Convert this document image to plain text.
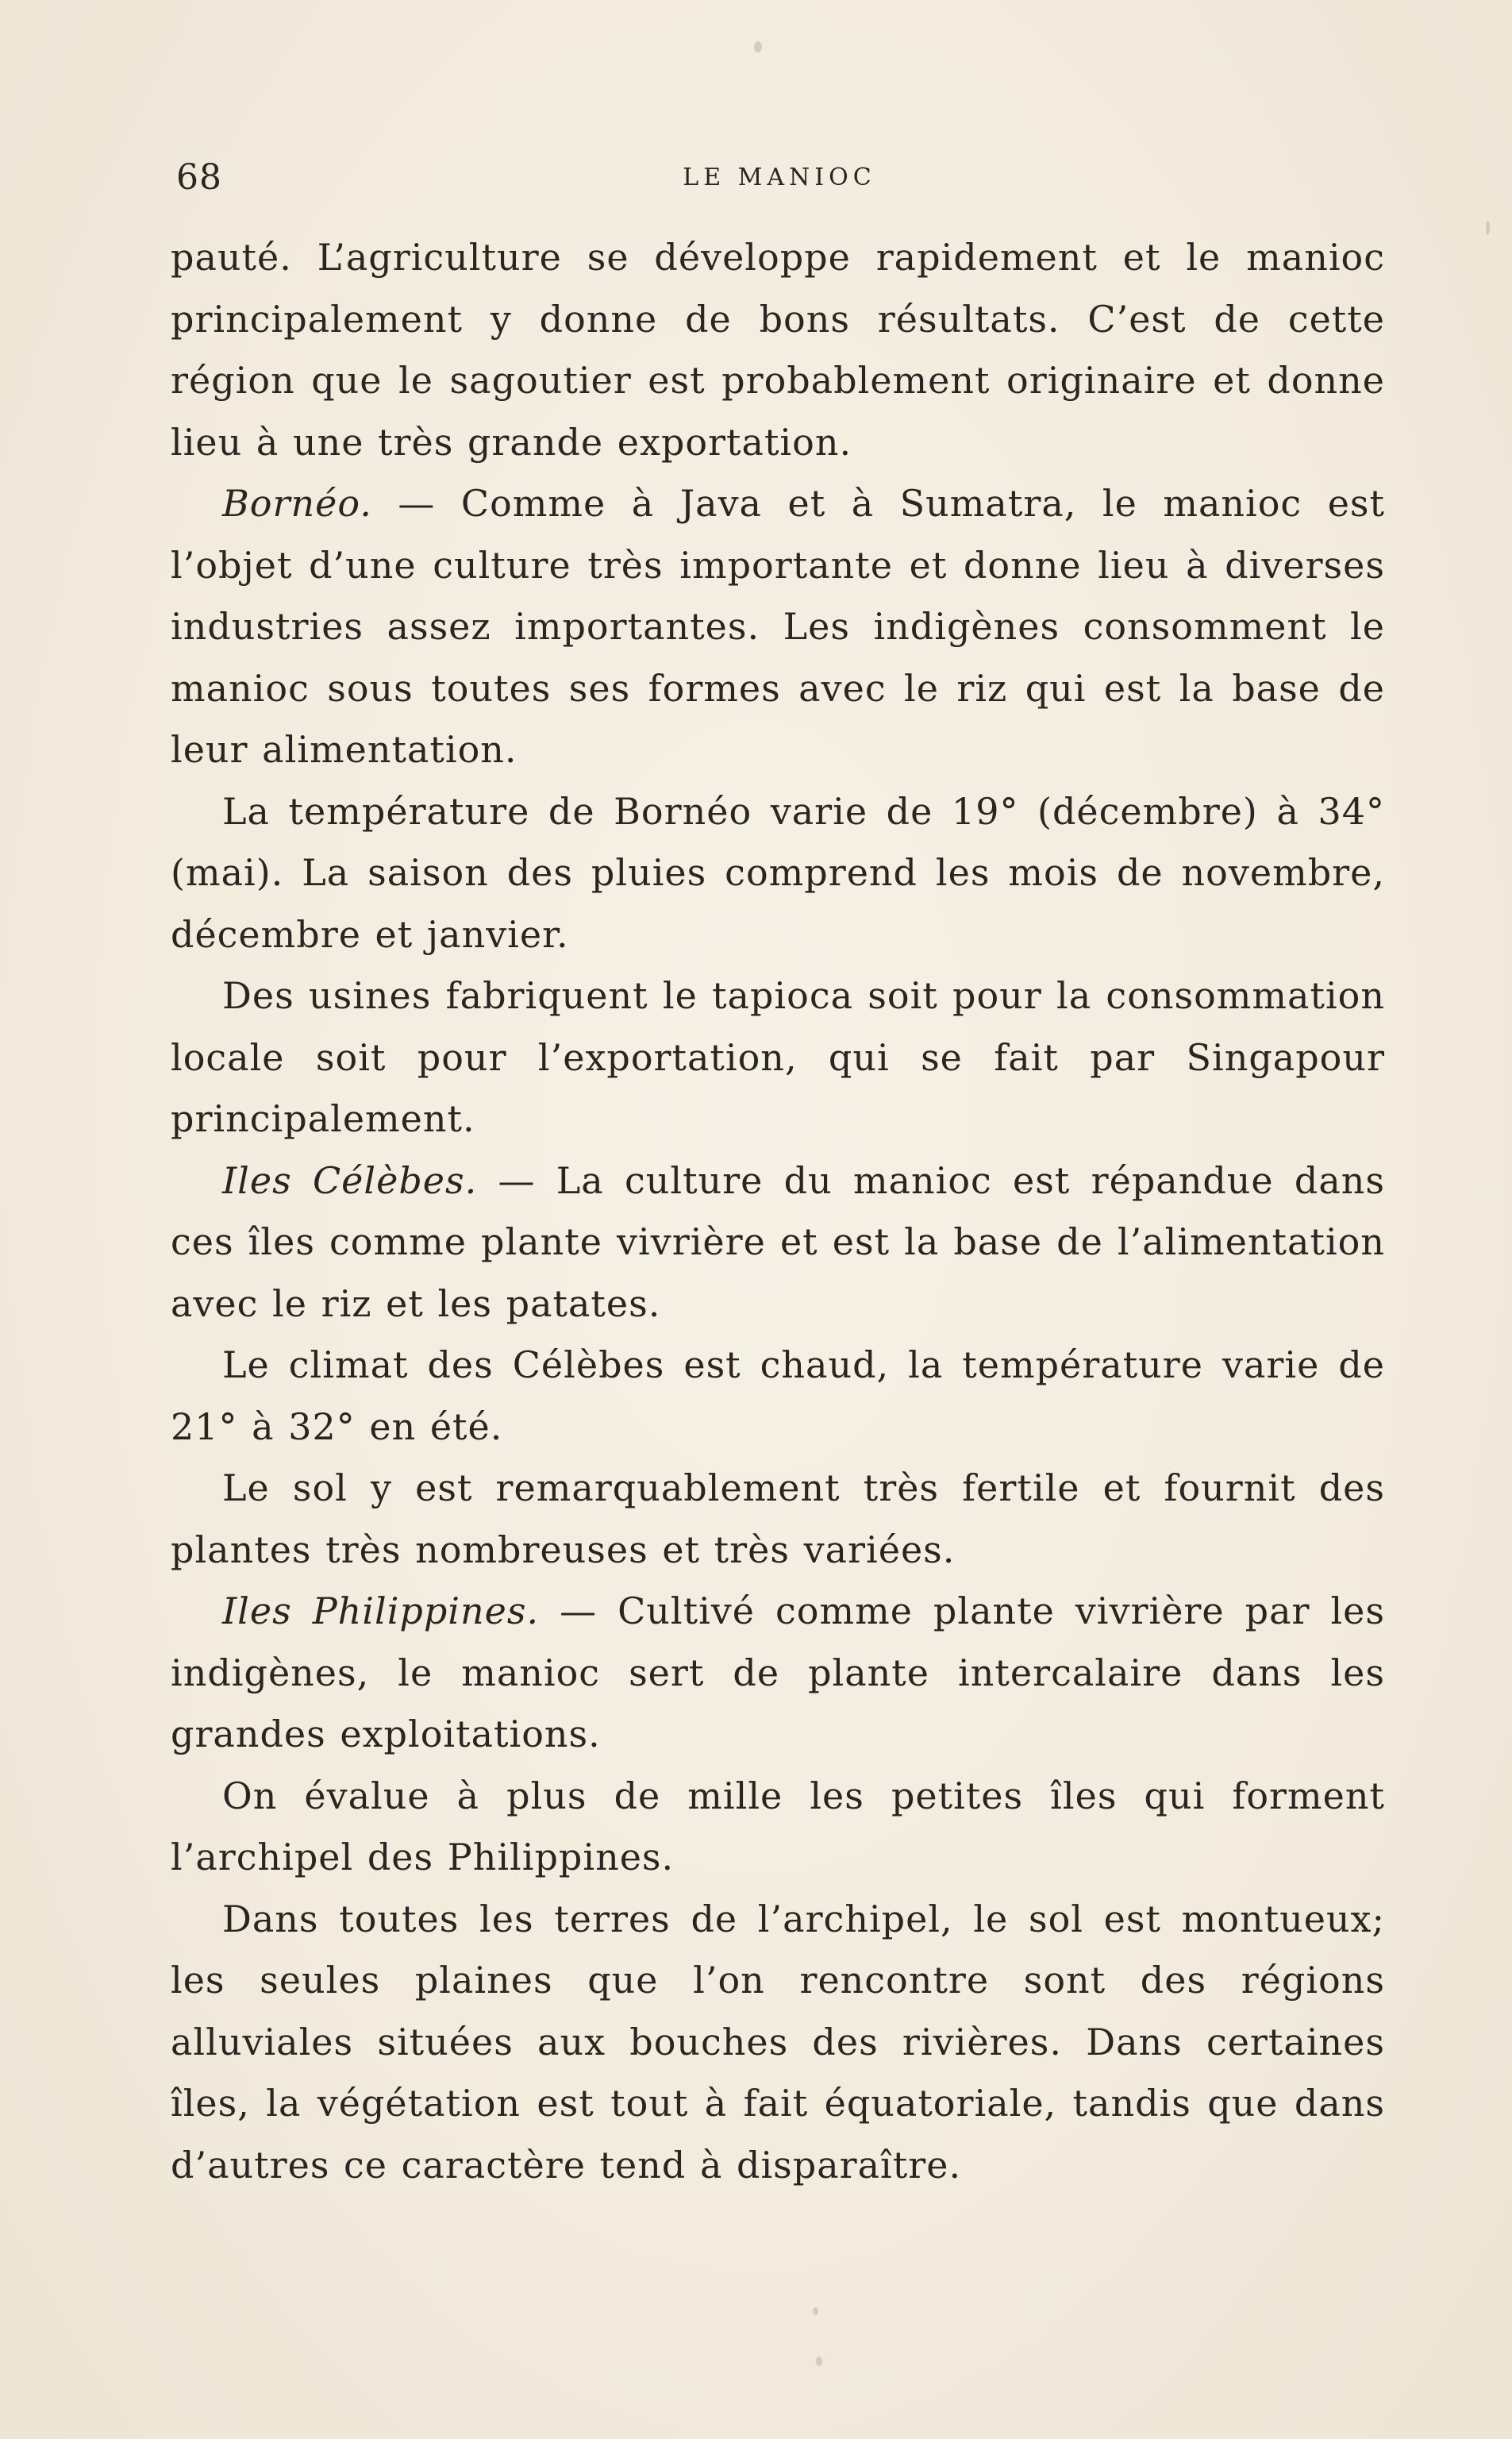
68	LE MANIOC

pauté. L’agriculture se développe rapidement et le manioc principalement y donne de bons résultats. C’est de cette région que le sagoutier est probablement originaire et donne lieu à une très grande exportation.

Bornéo. — Comme à Java et à Sumatra, le manioc est l’objet d’une culture très importante et donne lieu à diverses industries assez importantes. Les indigènes consomment le manioc sous toutes ses formes avec le riz qui est la base de leur alimentation.

La température de Bornéo varie de 19° (décembre) à 34° (mai). La saison des pluies comprend les mois de novembre, décembre et janvier.

Des usines fabriquent le tapioca soit pour la consommation locale soit pour l’exportation, qui se fait par Singapour principalement.

Iles Célèbes. — La culture du manioc est répandue dans ces îles comme plante vivrière et est la base de l’alimentation avec le riz et les patates.

Le climat des Célèbes est chaud, la température varie de 21° à 32° en été.

Le sol y est remarquablement très fertile et fournit des plantes très nombreuses et très variées.

Iles Philippines. — Cultivé comme plante vivrière par les indigènes, le manioc sert de plante intercalaire dans les grandes exploitations.

On évalue à plus de mille les petites îles qui forment l’archipel des Philippines.

Dans toutes les terres de l’archipel, le sol est montueux; les seules plaines que l’on rencontre sont des régions alluviales situées aux bouches des rivières. Dans certaines îles, la végétation est tout à fait équatoriale, tandis que dans d’autres ce caractère tend à disparaître.
